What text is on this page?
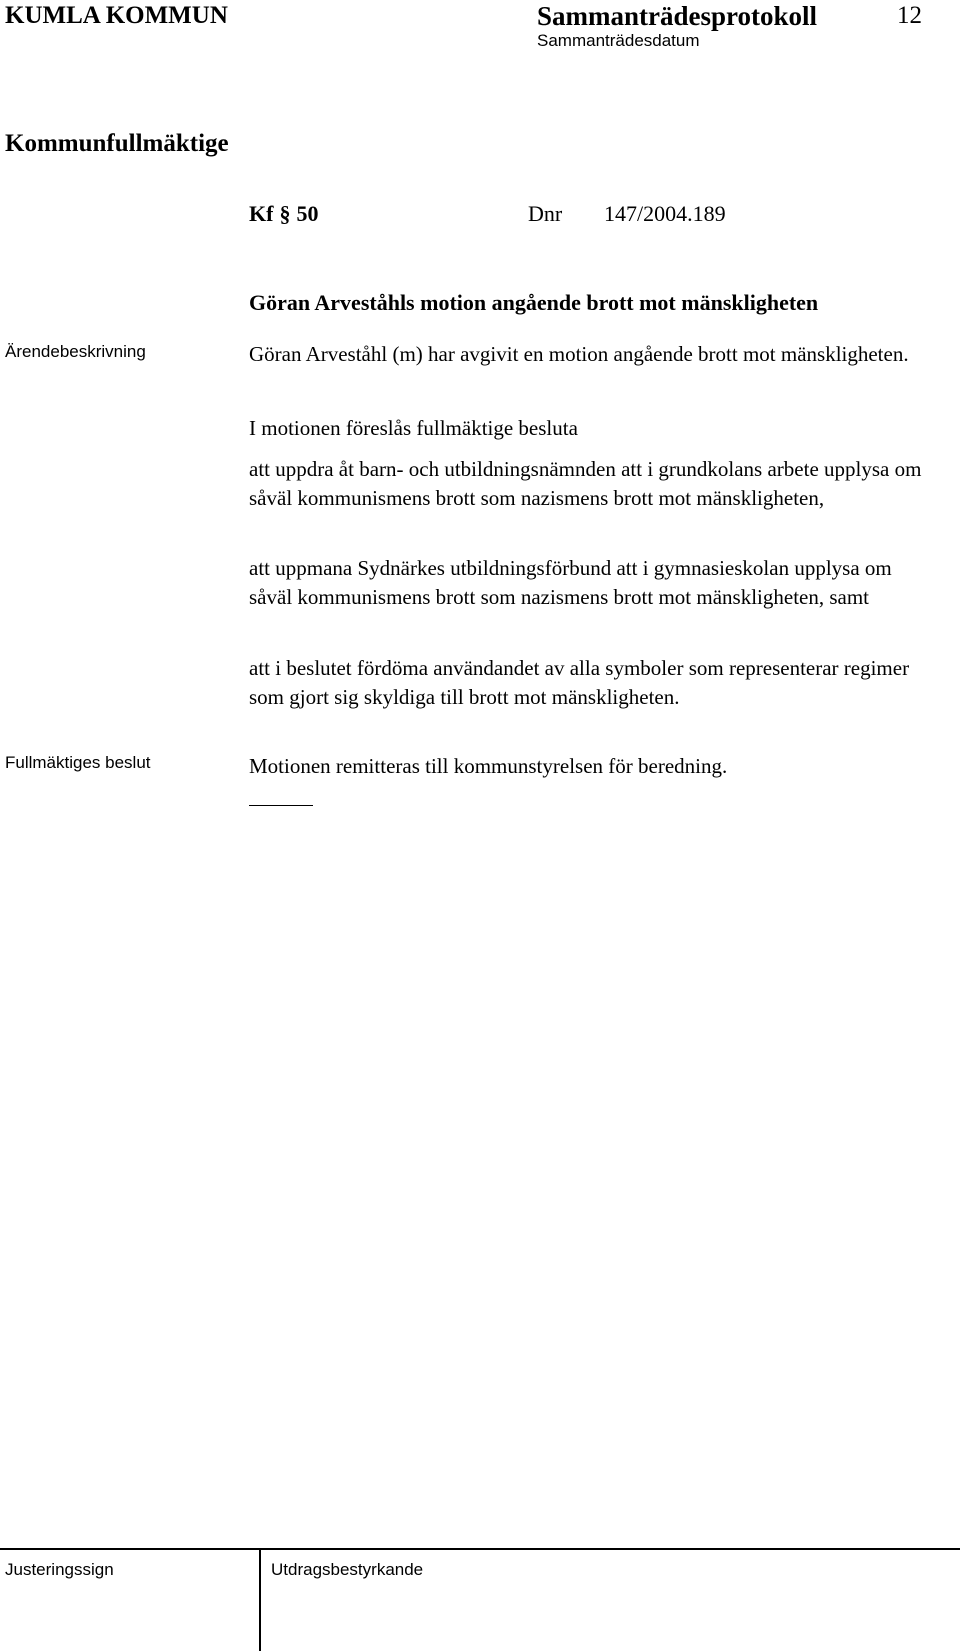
KUMLA KOMMUN	Sammanträdesprotokoll	12
Sammanträdesdatum
Kommunfullmäktige
Kf § 50	Dnr 147/2004.189
Göran Arveståhls motion angående brott mot mänskligheten
Ärendebeskrivning
Fullmäktiges beslut
Göran Arveståhl (m) har avgivit en motion angående brott mot mänskligheten.
I motionen föreslås fullmäktige besluta
att uppdra åt barn- och utbildningsnämnden att i grundkolans arbete upplysa om såväl kommunismens brott som nazismens brott mot mänskligheten,
att uppmana Sydnärkes utbildningsförbund att i gymnasieskolan upplysa om såväl kommunismens brott som nazismens brott mot mänskligheten, samt
att i beslutet fördöma användandet av alla symboler som representerar regimer som gjort sig skyldiga till brott mot mänskligheten.
Motionen remitteras till kommunstyrelsen för beredning.
Justeringssign	Utdragsbestyrkande
